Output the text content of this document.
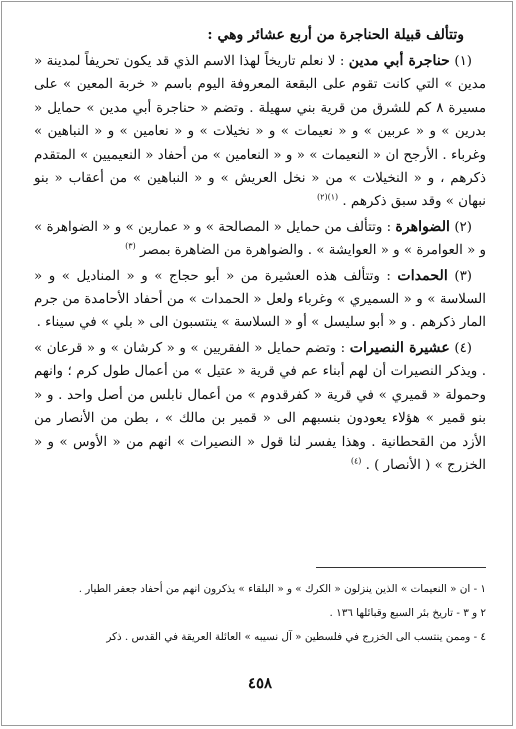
وتتألف قبيلة الحناجرة من أربع عشائر وهي :
(١) حناجرة أبي مدين : لا نعلم تاريخاً لهذا الاسم الذي قد يكون تحريفاً لمدينة « مدين » التي كانت تقوم على البقعة المعروفة اليوم باسم « خربة المعين » على مسيرة ٨ كم للشرق من قرية بني سهيلة . وتضم « حناجرة أبي مدين » حمايل « بدرين » و « عربين » و « نعيمات » و « نخيلات » و « نعامين » و « النباهين » وغرباء . الأرجح ان « النعيمات » « و « النعامين » من أحفاد « النعيميين » المتقدم ذكرهم ، و « النخيلات » من « نخل العريش » و « النباهين » من أعقاب « بنو نبهان » وقد سبق ذكرهم . $^{(١)(٢)}$
(٢) الضواهرة : وتتألف من حمايل « المصالحة » و « عمارين » و « الضواهرة » و « العوامرة » و « العوايشة » . والضواهرة من الضاهرة بمصر $^{(٣)}$
(٣) الحمدات : وتتألف هذه العشيرة من « أبو حجاج » و « المناديل » و « السلاسة » و « السميري » وغرباء ولعل « الحمدات » من أحفاد الأحامدة من جرم المار ذكرهم . و « أبو سليسل » أو « السلاسة » ينتسبون الى « بلي » في سيناء .
(٤) عشيرة النصيرات : وتضم حمايل « الفقريين » و « كرشان » و « قرعان » . ويذكر النصيرات أن لهم أبناء عم في قرية « عتيل » من أعمال طول كرم ؛ وانهم وحمولة « قميري » في قرية « كفرقدوم » من أعمال نابلس من أصل واحد . و « بنو قمير » هؤلاء يعودون بنسبهم الى « قمير بن مالك » ، بطن من الأنصار من الأزد من القحطانية . وهذا يفسر لنا قول « النصيرات » انهم من « الأوس » و « الخزرج » ( الأنصار ) . $^{(٤)}$
١ - ان « النعيمات » الذين ينزلون « الكرك » و « البلقاء » يذكرون انهم من أحفاد جعفر الطيار .
٢ و ٣ - تاريخ بئر السبع وقبائلها ١٣٦ .
٤ - وممن ينتسب الى الخزرج في فلسطين « آل نسيبه » العائلة العريقة في القدس . ذكر
٤٥٨
